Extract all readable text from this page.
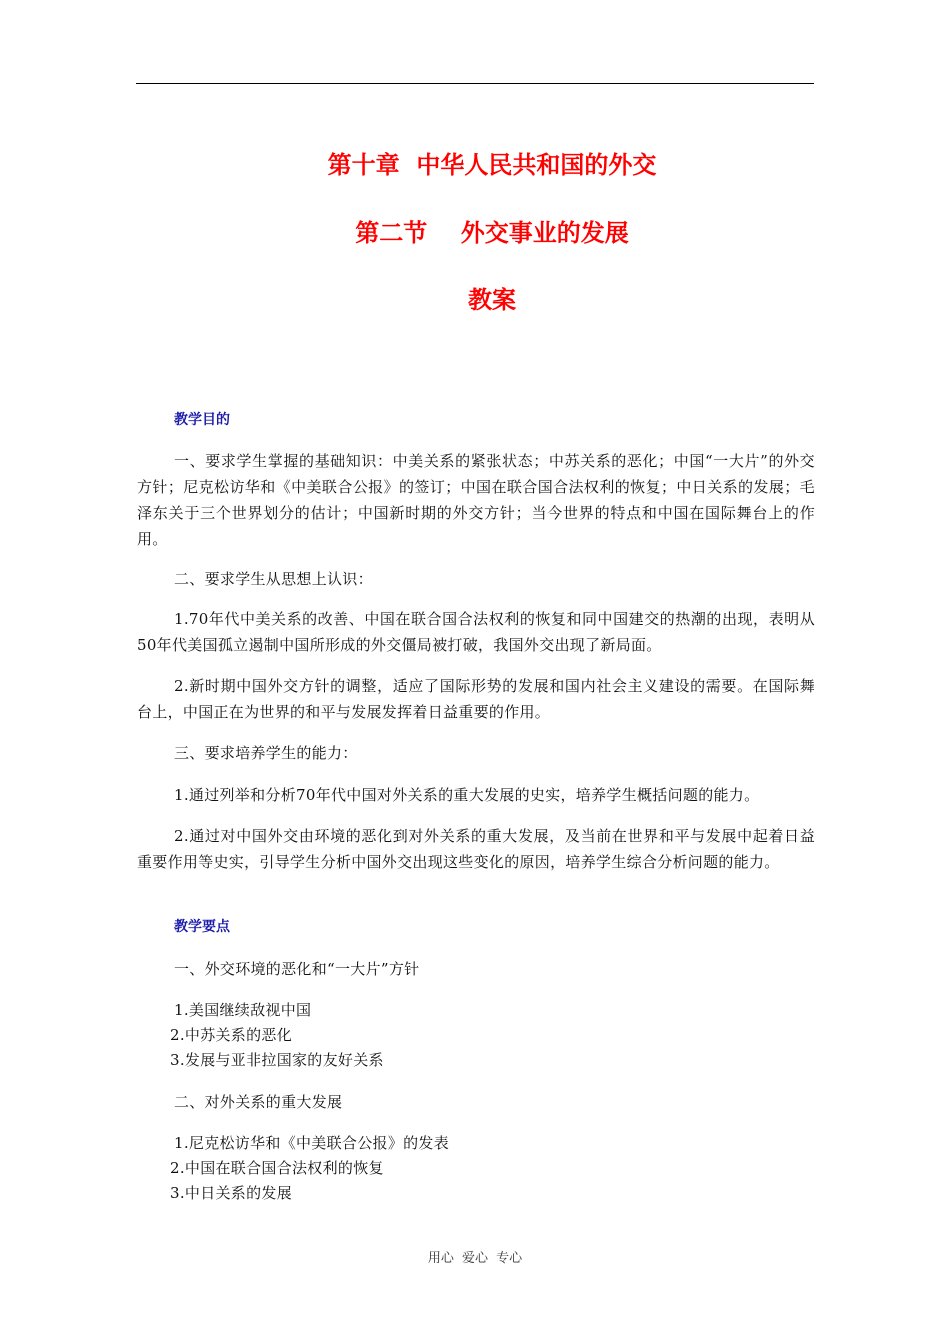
第十章  中华人民共和国的外交
第二节    外交事业的发展
教案
教学目的
一、要求学生掌握的基础知识：中美关系的紧张状态；中苏关系的恶化；中国“一大片”的外交方针；尼克松访华和《中美联合公报》的签订；中国在联合国合法权利的恢复；中日关系的发展；毛泽东关于三个世界划分的估计；中国新时期的外交方针；当今世界的特点和中国在国际舞台上的作用。
二、要求学生从思想上认识：
1.70年代中美关系的改善、中国在联合国合法权利的恢复和同中国建交的热潮的出现，表明从50年代美国孤立遏制中国所形成的外交僵局被打破，我国外交出现了新局面。
2.新时期中国外交方针的调整，适应了国际形势的发展和国内社会主义建设的需要。在国际舞台上，中国正在为世界的和平与发展发挥着日益重要的作用。
三、要求培养学生的能力：
1.通过列举和分析70年代中国对外关系的重大发展的史实，培养学生概括问题的能力。
2.通过对中国外交由环境的恶化到对外关系的重大发展，及当前在世界和平与发展中起着日益重要作用等史实，引导学生分析中国外交出现这些变化的原因，培养学生综合分析问题的能力。
教学要点
一、外交环境的恶化和“一大片”方针
1.美国继续敌视中国
2.中苏关系的恶化
3.发展与亚非拉国家的友好关系
二、对外关系的重大发展
1.尼克松访华和《中美联合公报》的发表
2.中国在联合国合法权利的恢复
3.中日关系的发展
用心 爱心 专心
